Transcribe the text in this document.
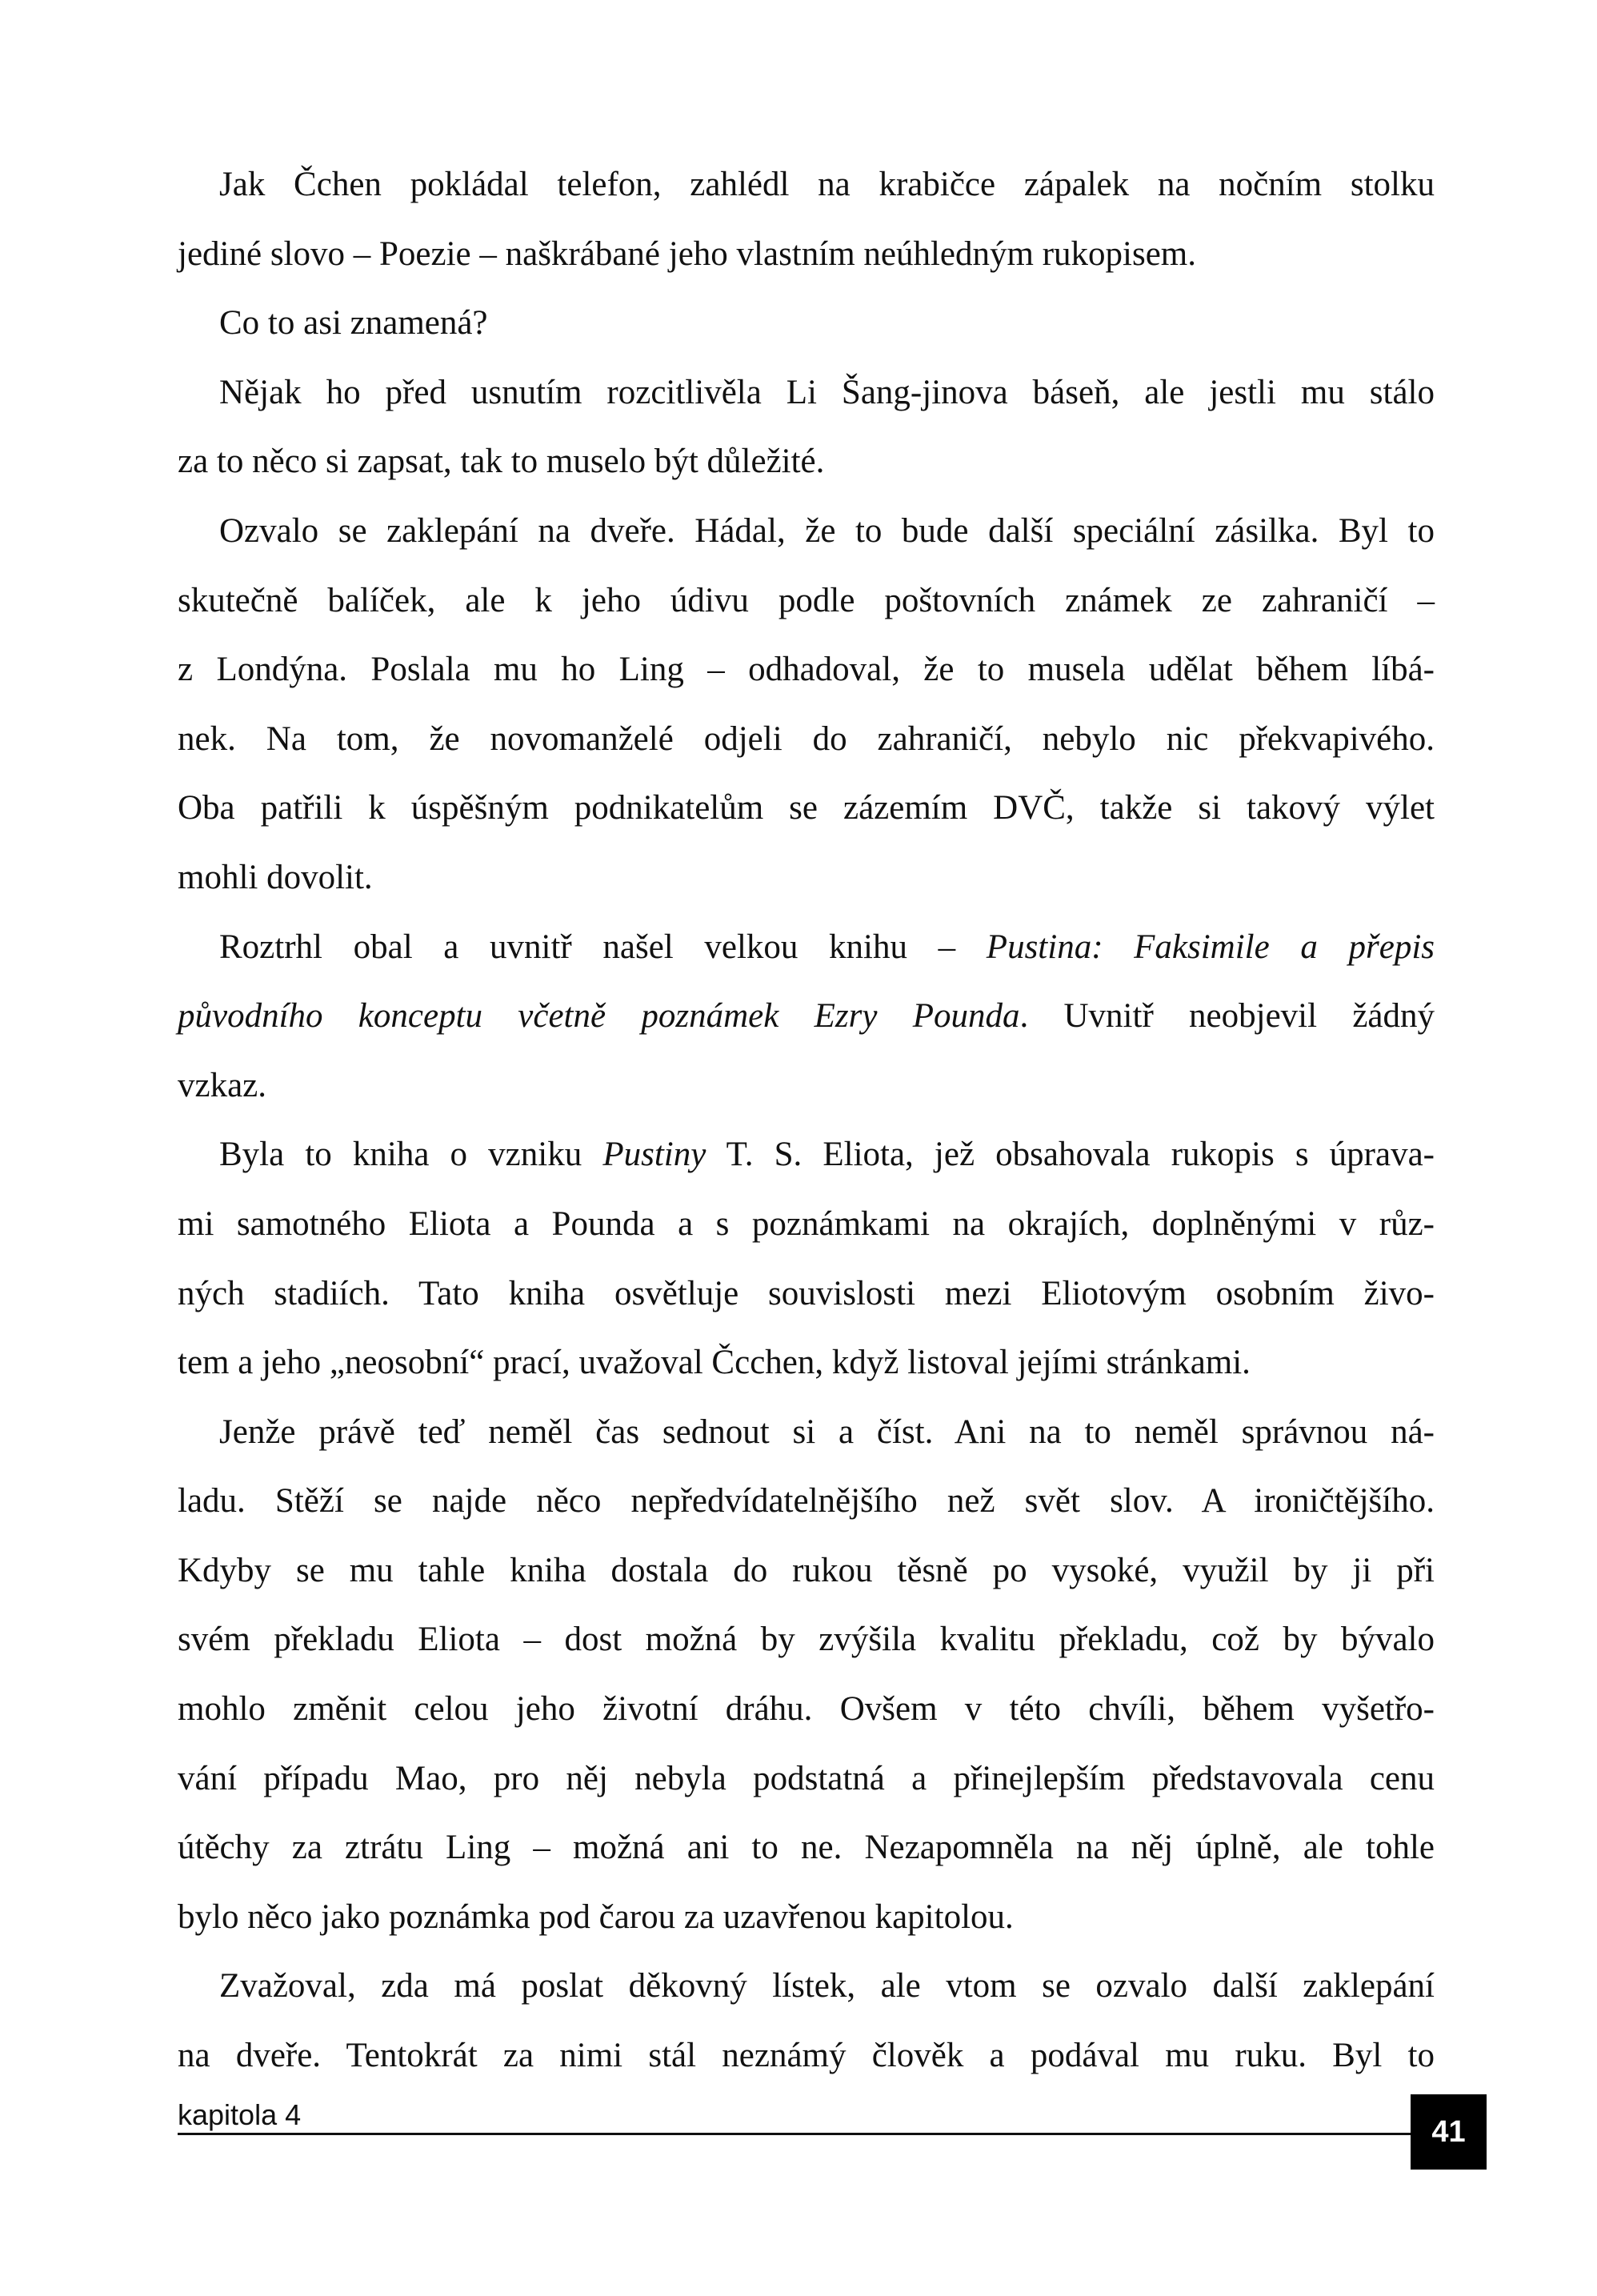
Jak Čchen pokládal telefon, zahlédl na krabičce zápalek na nočním stolku
jediné slovo – Poezie – naškrábané jeho vlastním neúhledným rukopisem.
Co to asi znamená?
Nějak ho před usnutím rozcitlivěla Li Šang-jinova báseň, ale jestli mu stálo
za to něco si zapsat, tak to muselo být důležité.
Ozvalo se zaklepání na dveře. Hádal, že to bude další speciální zásilka. Byl to
skutečně balíček, ale k jeho údivu podle poštovních známek ze zahraničí –
z Londýna. Poslala mu ho Ling – odhadoval, že to musela udělat během líbá-
nek. Na tom, že novomanželé odjeli do zahraničí, nebylo nic překvapivého.
Oba patřili k úspěšným podnikatelům se zázemím DVČ, takže si takový výlet
mohli dovolit.
Roztrhl obal a uvnitř našel velkou knihu – Pustina: Faksimile a přepis
původního konceptu včetně poznámek Ezry Pounda. Uvnitř neobjevil žádný
vzkaz.
Byla to kniha o vzniku Pustiny T. S. Eliota, jež obsahovala rukopis s úprava-
mi samotného Eliota a Pounda a s poznámkami na okrajích, doplněnými v růz-
ných stadiích. Tato kniha osvětluje souvislosti mezi Eliotovým osobním živo-
tem a jeho „neosobní“ prací, uvažoval Čcchen, když listoval jejími stránkami.
Jenže právě teď neměl čas sednout si a číst. Ani na to neměl správnou ná-
ladu. Stěží se najde něco nepředvídatelnějšího než svět slov. A ironičtějšího.
Kdyby se mu tahle kniha dostala do rukou těsně po vysoké, využil by ji při
svém překladu Eliota – dost možná by zvýšila kvalitu překladu, což by bývalo
mohlo změnit celou jeho životní dráhu. Ovšem v této chvíli, během vyšetřo-
vání případu Mao, pro něj nebyla podstatná a přinejlepším představovala cenu
útěchy za ztrátu Ling – možná ani to ne. Nezapomněla na něj úplně, ale tohle
bylo něco jako poznámka pod čarou za uzavřenou kapitolou.
Zvažoval, zda má poslat děkovný lístek, ale vtom se ozvalo další zaklepání
na dveře. Tentokrát za nimi stál neznámý člověk a podával mu ruku. Byl to
kapitola 4	41
